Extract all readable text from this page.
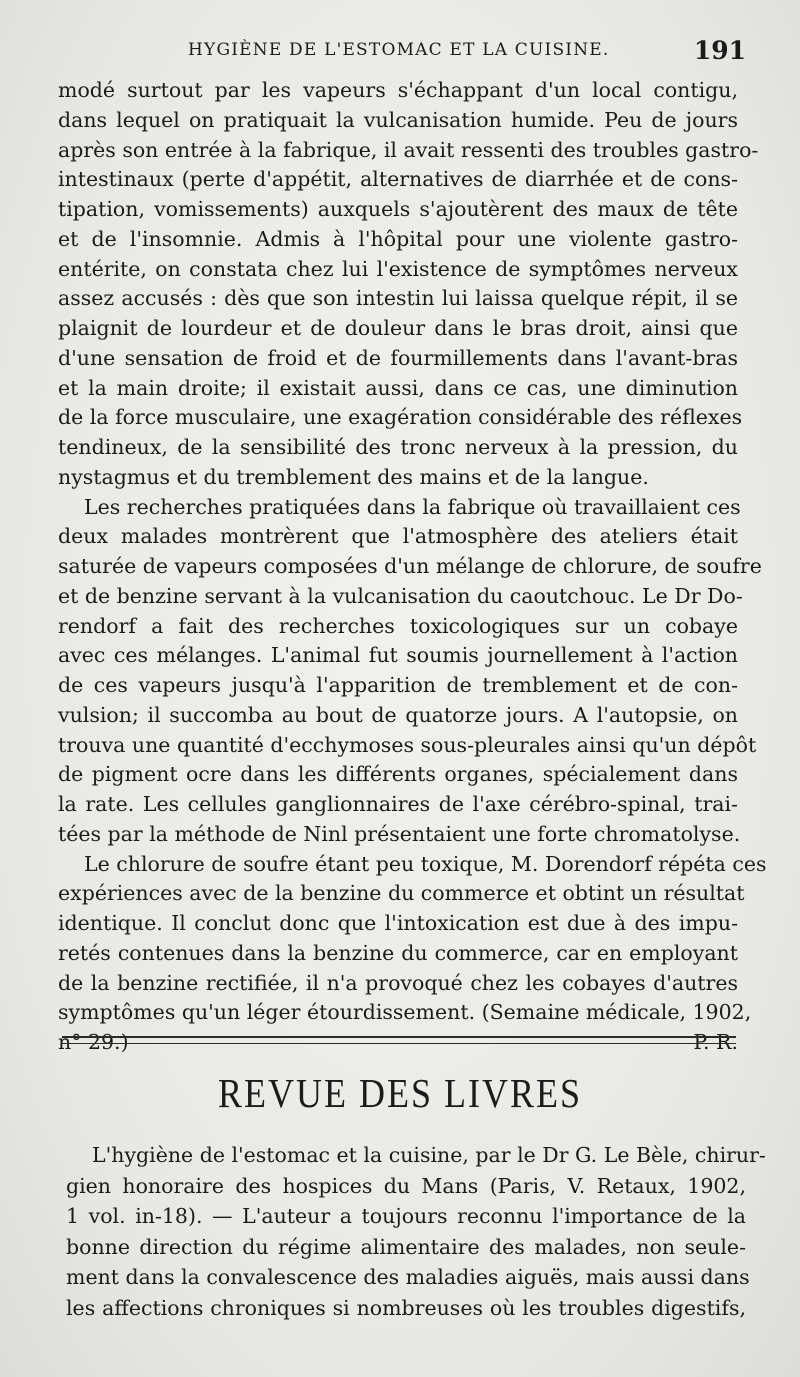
HYGIÈNE DE L'ESTOMAC ET LA CUISINE.	191
modé surtout par les vapeurs s'échappant d'un local contigu,
dans lequel on pratiquait la vulcanisation humide. Peu de jours
après son entrée à la fabrique, il avait ressenti des troubles gastro-
intestinaux (perte d'appétit, alternatives de diarrhée et de cons-
tipation, vomissements) auxquels s'ajoutèrent des maux de tête
et de l'insomnie. Admis à l'hôpital pour une violente gastro-
entérite, on constata chez lui l'existence de symptômes nerveux
assez accusés : dès que son intestin lui laissa quelque répit, il se
plaignit de lourdeur et de douleur dans le bras droit, ainsi que
d'une sensation de froid et de fourmillements dans l'avant-bras
et la main droite; il existait aussi, dans ce cas, une diminution
de la force musculaire, une exagération considérable des réflexes
tendineux, de la sensibilité des tronc nerveux à la pression, du
nystagmus et du tremblement des mains et de la langue.
Les recherches pratiquées dans la fabrique où travaillaient ces
deux malades montrèrent que l'atmosphère des ateliers était
saturée de vapeurs composées d'un mélange de chlorure, de soufre
et de benzine servant à la vulcanisation du caoutchouc. Le Dr Do-
rendorf a fait des recherches toxicologiques sur un cobaye
avec ces mélanges. L'animal fut soumis journellement à l'action
de ces vapeurs jusqu'à l'apparition de tremblement et de con-
vulsion; il succomba au bout de quatorze jours. A l'autopsie, on
trouva une quantité d'ecchymoses sous-pleurales ainsi qu'un dépôt
de pigment ocre dans les différents organes, spécialement dans
la rate. Les cellules ganglionnaires de l'axe cérébro-spinal, trai-
tées par la méthode de Ninl présentaient une forte chromatolyse.
Le chlorure de soufre étant peu toxique, M. Dorendorf répéta ces
expériences avec de la benzine du commerce et obtint un résultat
identique. Il conclut donc que l'intoxication est due à des impu-
retés contenues dans la benzine du commerce, car en employant
de la benzine rectifiée, il n'a provoqué chez les cobayes d'autres
symptômes qu'un léger étourdissement. (Semaine médicale, 1902,
n° 29.)	P. R.
REVUE DES LIVRES
L'hygiène de l'estomac et la cuisine, par le Dr G. Le Bèle, chirur-
gien honoraire des hospices du Mans (Paris, V. Retaux, 1902,
1 vol. in-18). — L'auteur a toujours reconnu l'importance de la
bonne direction du régime alimentaire des malades, non seule-
ment dans la convalescence des maladies aiguës, mais aussi dans
les affections chroniques si nombreuses où les troubles digestifs,
